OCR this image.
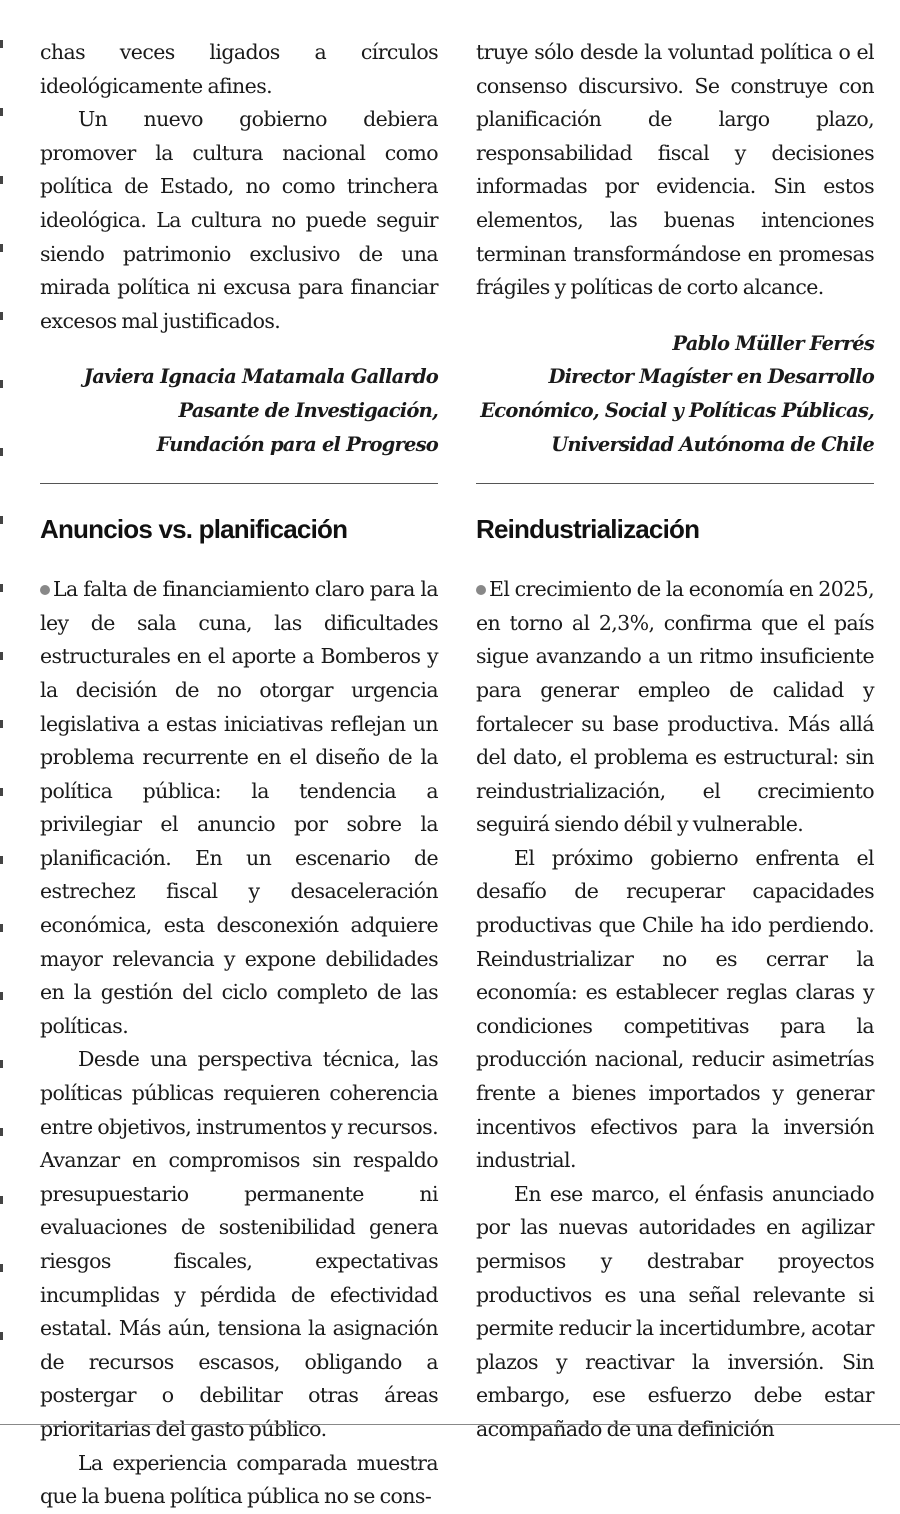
chas veces ligados a círculos ideológicamente afines.

Un nuevo gobierno debiera promover la cultura nacional como política de Estado, no como trinchera ideológica. La cultura no puede seguir siendo patrimonio exclusivo de una mirada política ni excusa para financiar excesos mal justificados.

Javiera Ignacia Matamala Gallardo
Pasante de Investigación,
Fundación para el Progreso
Anuncios vs. planificación

La falta de financiamiento claro para la ley de sala cuna, las dificultades estructurales en el aporte a Bomberos y la decisión de no otorgar urgencia legislativa a estas iniciativas reflejan un problema recurrente en el diseño de la política pública: la tendencia a privilegiar el anuncio por sobre la planificación. En un escenario de estrechez fiscal y desaceleración económica, esta desconexión adquiere mayor relevancia y expone debilidades en la gestión del ciclo completo de las políticas.

Desde una perspectiva técnica, las políticas públicas requieren coherencia entre objetivos, instrumentos y recursos. Avanzar en compromisos sin respaldo presupuestario permanente ni evaluaciones de sostenibilidad genera riesgos fiscales, expectativas incumplidas y pérdida de efectividad estatal. Más aún, tensiona la asignación de recursos escasos, obligando a postergar o debilitar otras áreas prioritarias del gasto público.

La experiencia comparada muestra que la buena política pública no se cons-

truye sólo desde la voluntad política o el consenso discursivo. Se construye con planificación de largo plazo, responsabilidad fiscal y decisiones informadas por evidencia. Sin estos elementos, las buenas intenciones terminan transformándose en promesas frágiles y políticas de corto alcance.

Pablo Müller Ferrés
Director Magíster en Desarrollo
Económico, Social y Políticas Públicas,
Universidad Autónoma de Chile
Reindustrialización

El crecimiento de la economía en 2025, en torno al 2,3%, confirma que el país sigue avanzando a un ritmo insuficiente para generar empleo de calidad y fortalecer su base productiva. Más allá del dato, el problema es estructural: sin reindustrialización, el crecimiento seguirá siendo débil y vulnerable.

El próximo gobierno enfrenta el desafío de recuperar capacidades productivas que Chile ha ido perdiendo. Reindustrializar no es cerrar la economía: es establecer reglas claras y condiciones competitivas para la producción nacional, reducir asimetrías frente a bienes importados y generar incentivos efectivos para la inversión industrial.

En ese marco, el énfasis anunciado por las nuevas autoridades en agilizar permisos y destrabar proyectos productivos es una señal relevante si permite reducir la incertidumbre, acotar plazos y reactivar la inversión. Sin embargo, ese esfuerzo debe estar acompañado de una definición
